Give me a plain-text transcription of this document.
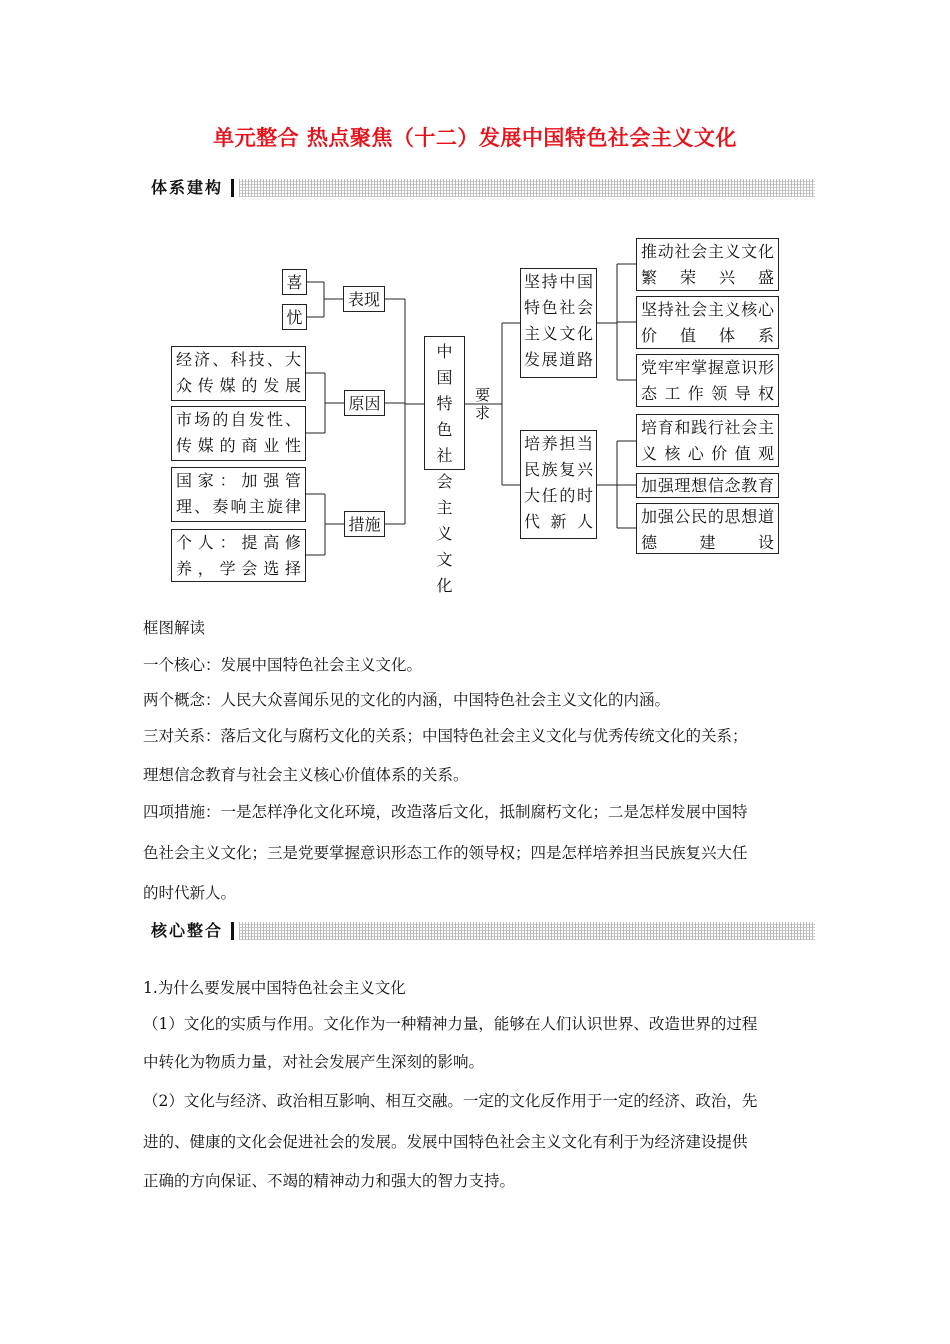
单元整合 热点聚焦（十二）发展中国特色社会主义文化
体系建构
喜
忧
表现
经济、科技、大众传媒的发展
市场的自发性、传媒的商业性
原因
国家：加强管理、奏响主旋律
个人：提高修养，学会选择
措施
中国特色社会主义文化
要求
坚持中国特色社会主义文化发展道路
培养担当民族复兴大任的时代新人
推动社会主义文化繁荣兴盛
坚持社会主义核心价值体系
党牢牢掌握意识形态工作领导权
培育和践行社会主义核心价值观
加强理想信念教育
加强公民的思想道德建设
框图解读
一个核心：发展中国特色社会主义文化。
两个概念：人民大众喜闻乐见的文化的内涵，中国特色社会主义文化的内涵。
三对关系：落后文化与腐朽文化的关系；中国特色社会主义文化与优秀传统文化的关系；
理想信念教育与社会主义核心价值体系的关系。
四项措施：一是怎样净化文化环境，改造落后文化，抵制腐朽文化；二是怎样发展中国特
色社会主义文化；三是党要掌握意识形态工作的领导权；四是怎样培养担当民族复兴大任
的时代新人。
核心整合
1.为什么要发展中国特色社会主义文化
（1）文化的实质与作用。文化作为一种精神力量，能够在人们认识世界、改造世界的过程
中转化为物质力量，对社会发展产生深刻的影响。
（2）文化与经济、政治相互影响、相互交融。一定的文化反作用于一定的经济、政治，先
进的、健康的文化会促进社会的发展。发展中国特色社会主义文化有利于为经济建设提供
正确的方向保证、不竭的精神动力和强大的智力支持。
